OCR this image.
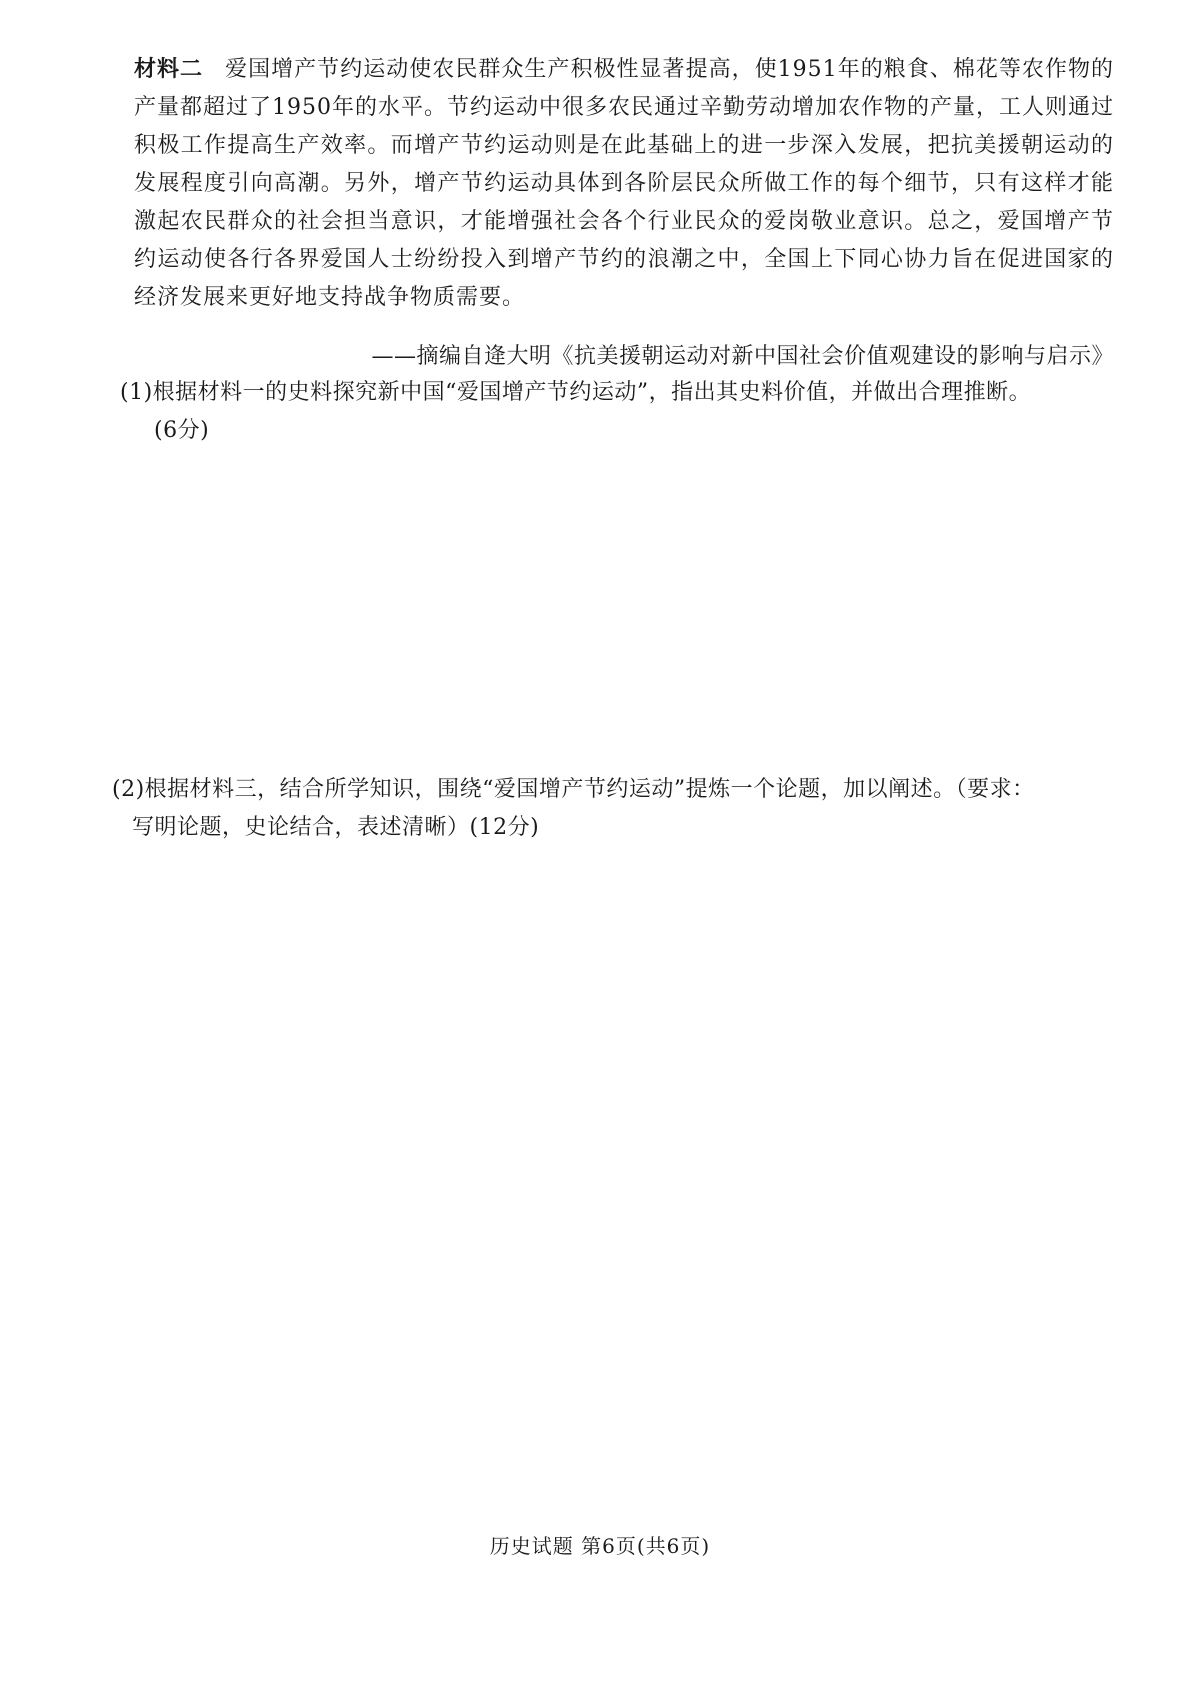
材料二 爱国增产节约运动使农民群众生产积极性显著提高，使1951年的粮食、棉花等农作物的产量都超过了1950年的水平。节约运动中很多农民通过辛勤劳动增加农作物的产量，工人则通过积极工作提高生产效率。而增产节约运动则是在此基础上的进一步深入发展，把抗美援朝运动的发展程度引向高潮。另外，增产节约运动具体到各阶层民众所做工作的每个细节，只有这样才能激起农民群众的社会担当意识，才能增强社会各个行业民众的爱岗敬业意识。总之，爱国增产节约运动使各行各界爱国人士纷纷投入到增产节约的浪潮之中，全国上下同心协力旨在促进国家的经济发展来更好地支持战争物质需要。
——摘编自逄大明《抗美援朝运动对新中国社会价值观建设的影响与启示》
(1)根据材料一的史料探究新中国“爱国增产节约运动”，指出其史料价值，并做出合理推断。
(6分)
(2)根据材料三，结合所学知识，围绕“爱国增产节约运动”提炼一个论题，加以阐述。（要求：
写明论题，史论结合，表述清晰）(12分)
历史试题 第6页(共6页)
